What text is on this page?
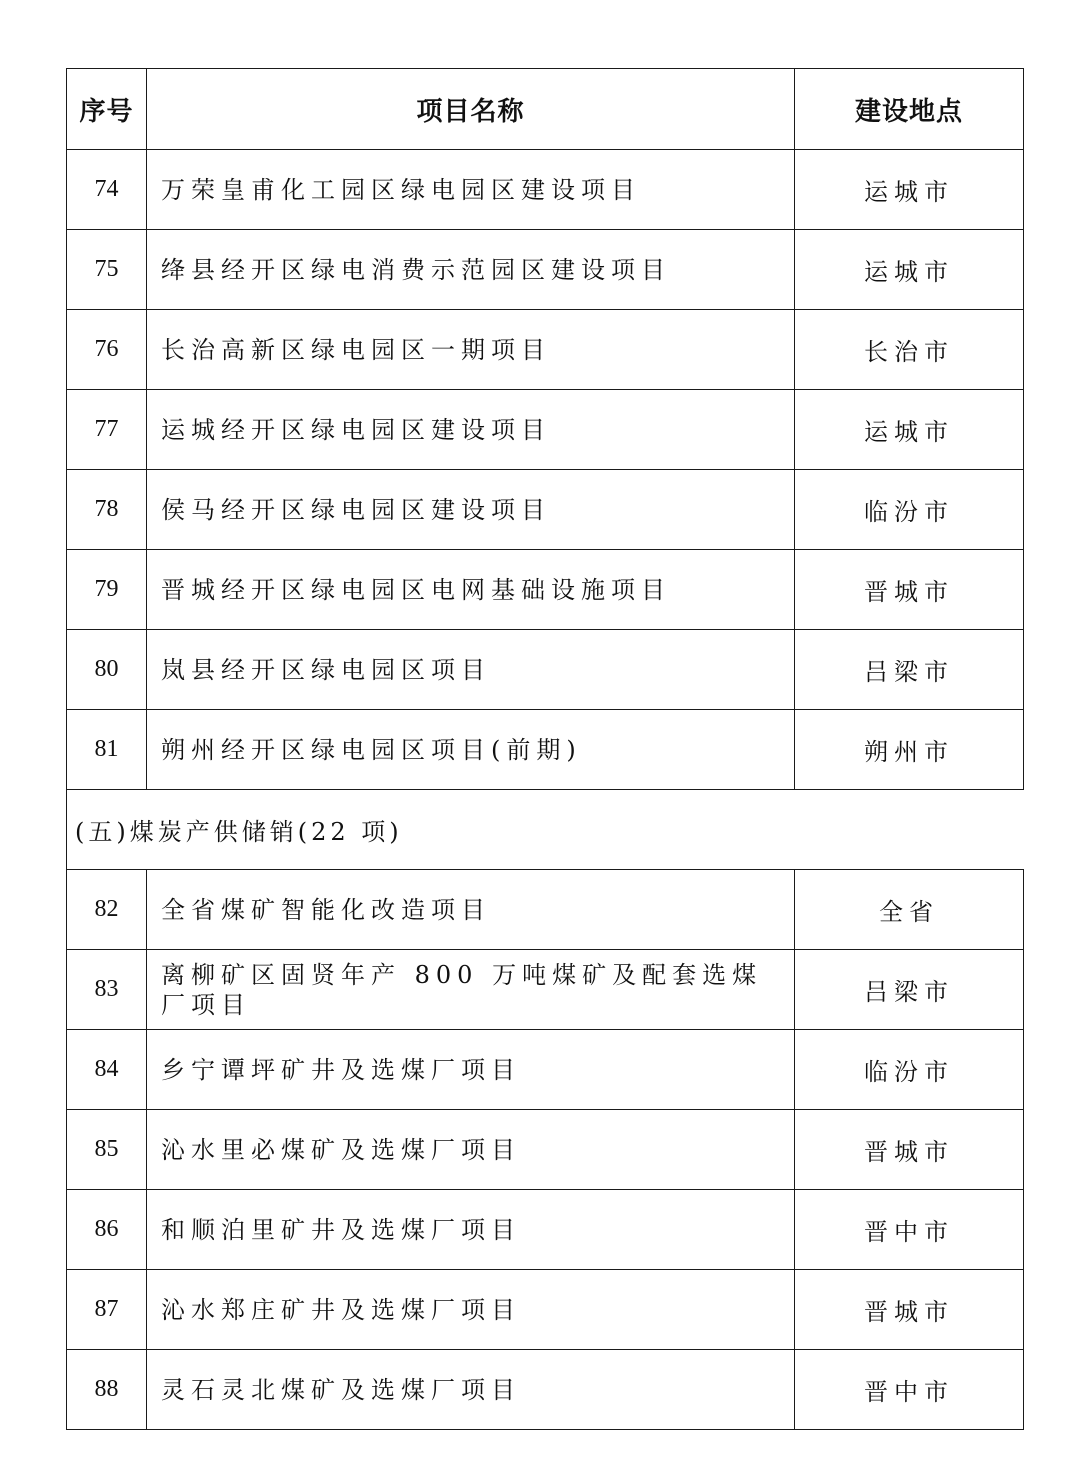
序号	项目名称	建设地点
74	万荣皇甫化工园区绿电园区建设项目	运城市
75	绛县经开区绿电消费示范园区建设项目	运城市
76	长治高新区绿电园区一期项目	长治市
77	运城经开区绿电园区建设项目	运城市
78	侯马经开区绿电园区建设项目	临汾市
79	晋城经开区绿电园区电网基础设施项目	晋城市
80	岚县经开区绿电园区项目	吕梁市
81	朔州经开区绿电园区项目(前期)	朔州市
(五)煤炭产供储销(22 项)		
82	全省煤矿智能化改造项目	全省
83	离柳矿区固贤年产 800 万吨煤矿及配套选煤厂项目	吕梁市
84	乡宁谭坪矿井及选煤厂项目	临汾市
85	沁水里必煤矿及选煤厂项目	晋城市
86	和顺泊里矿井及选煤厂项目	晋中市
87	沁水郑庄矿井及选煤厂项目	晋城市
88	灵石灵北煤矿及选煤厂项目	晋中市
